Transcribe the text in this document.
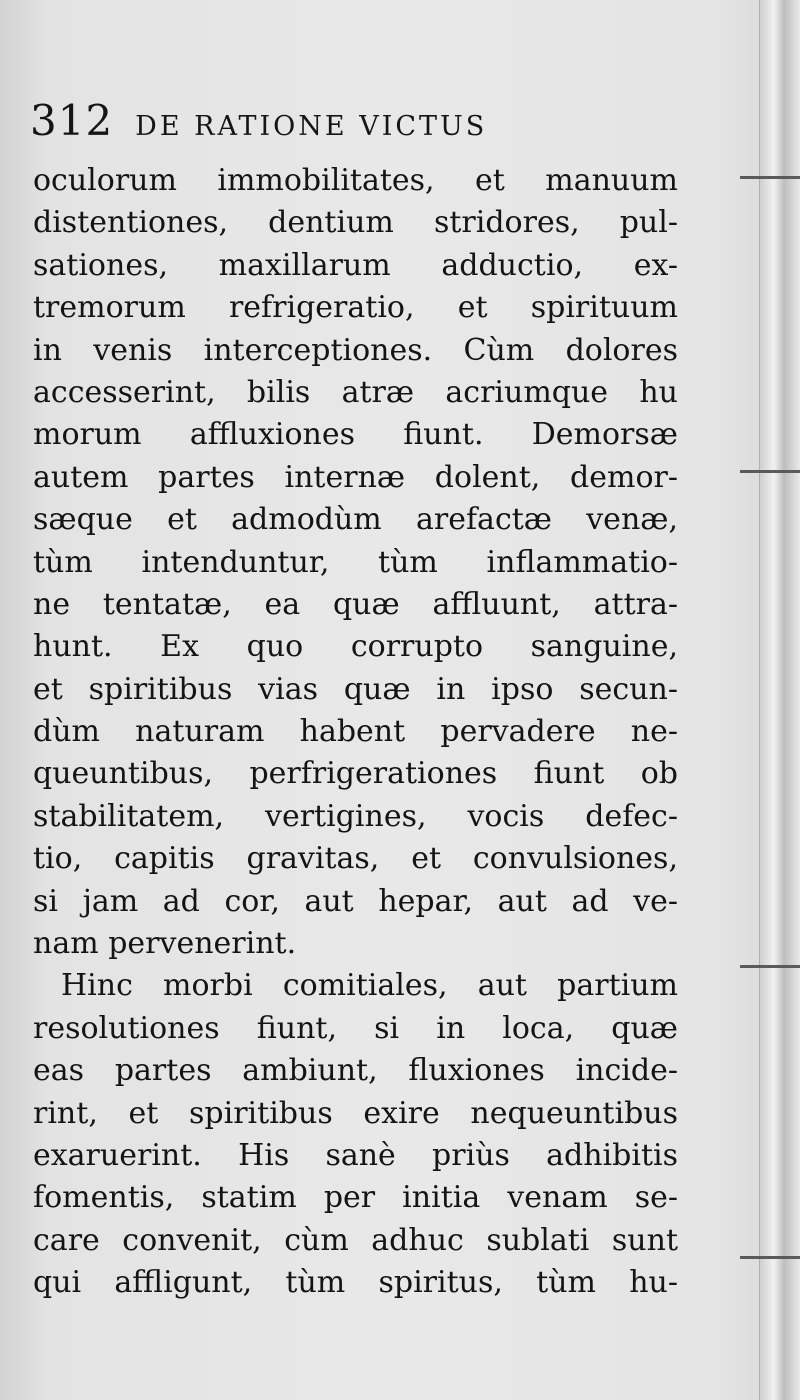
312 DE RATIONE VICTUS
oculorum immobilitates, et manuum
distentiones, dentium stridores, pul-
sationes, maxillarum adductio, ex-
tremorum refrigeratio, et spirituum
in venis interceptiones. Cùm dolores
accesserint, bilis atræ acriumque hu
morum affluxiones fiunt. Demorsæ
autem partes internæ dolent, demor-
sæque et admodùm arefactæ venæ,
tùm intenduntur, tùm inflammatio-
ne tentatæ, ea quæ affluunt, attra-
hunt. Ex quo corrupto sanguine,
et spiritibus vias quæ in ipso secun-
dùm naturam habent pervadere ne-
queuntibus, perfrigerationes fiunt ob
stabilitatem, vertigines, vocis defec-
tio, capitis gravitas, et convulsiones,
si jam ad cor, aut hepar, aut ad ve-
nam pervenerint.
Hinc morbi comitiales, aut partium
resolutiones fiunt, si in loca, quæ
eas partes ambiunt, fluxiones incide-
rint, et spiritibus exire nequeuntibus
exaruerint. His sanè priùs adhibitis
fomentis, statim per initia venam se-
care convenit, cùm adhuc sublati sunt
qui affligunt, tùm spiritus, tùm hu-
